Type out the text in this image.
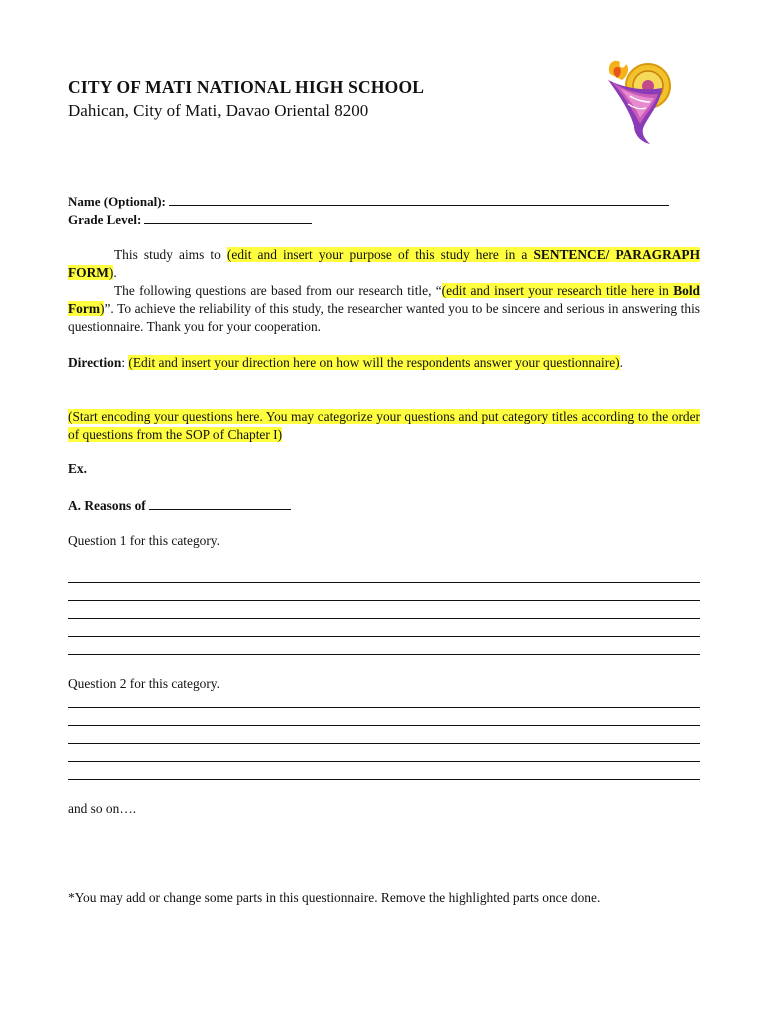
CITY OF MATI NATIONAL HIGH SCHOOL

Dahican, City of Mati, Davao Oriental 8200

Name (Optional):
Grade Level:

This study aims to (edit and insert your purpose of this study here in a SENTENCE/ PARAGRAPH FORM).

The following questions are based from our research title, “(edit and insert your research title here in Bold Form)”. To achieve the reliability of this study, the researcher wanted you to be sincere and serious in answering this questionnaire. Thank you for your cooperation.

Direction: (Edit and insert your direction here on how will the respondents answer your questionnaire).

(Start encoding your questions here. You may categorize your questions and put category titles according to the order of questions from the SOP of Chapter I)

Ex.
A. Reasons of
Question 1 for this category.
Question 2 for this category.
and so on….
*You may add or change some parts in this questionnaire. Remove the highlighted parts once done.
